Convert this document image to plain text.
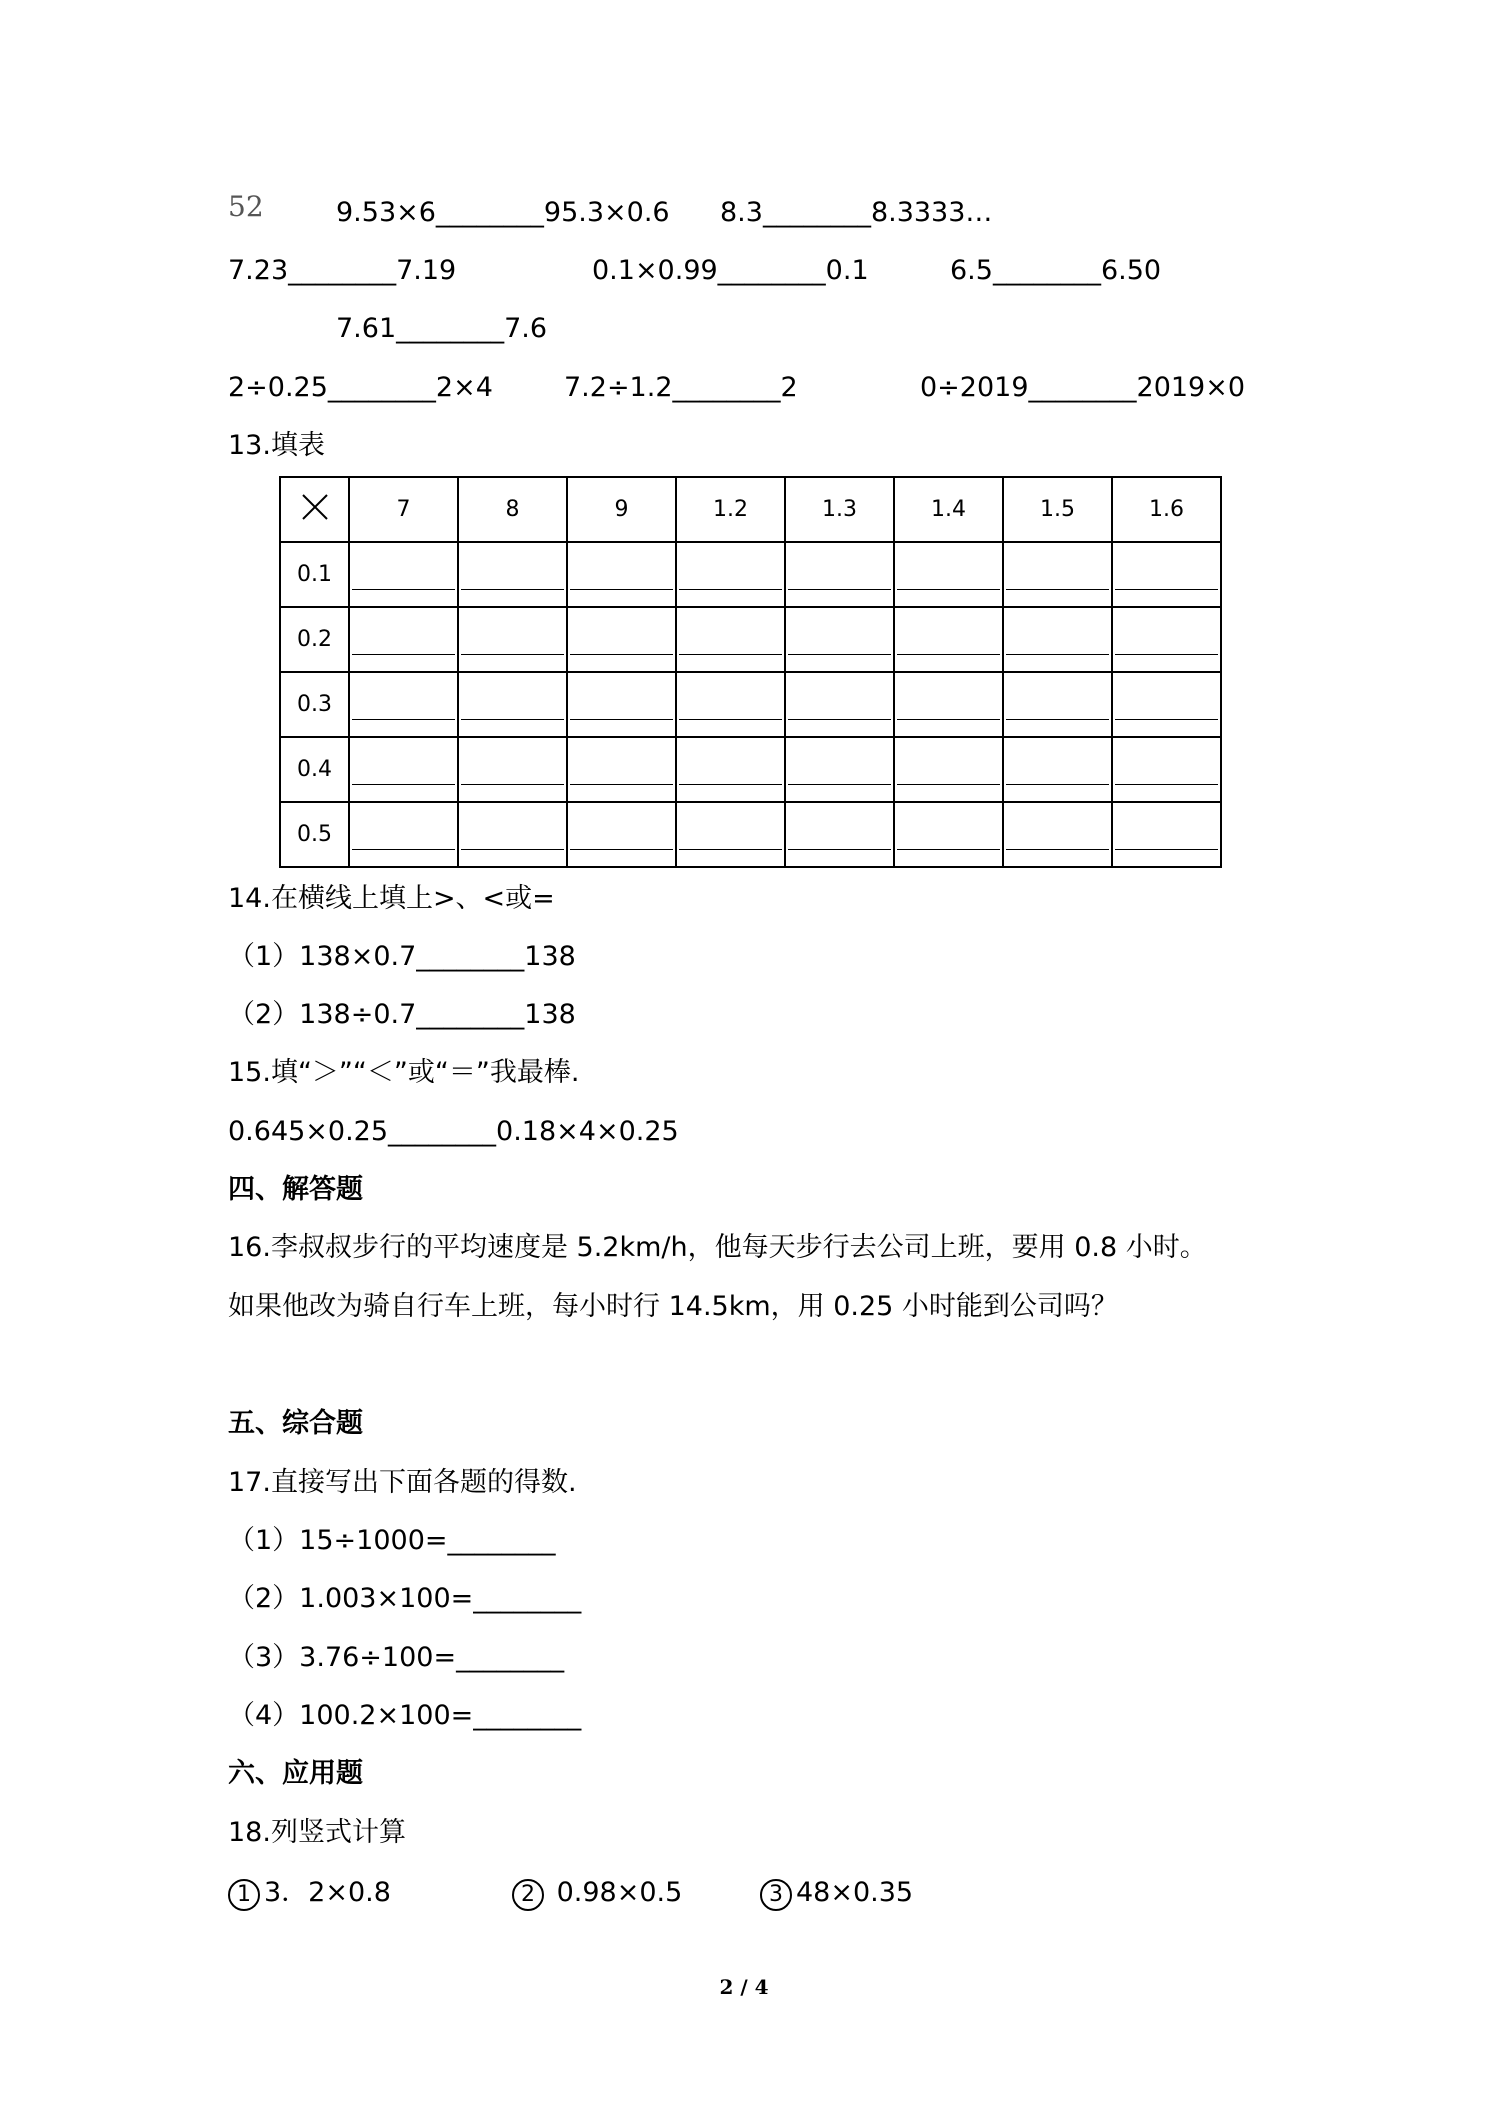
52	9.53×6________95.3×0.6 8.3________8.3333…
7.23________7.19	0.1×0.99________0.1	6.5________6.50
7.61________7.6
2÷0.25________2×4	7.2÷1.2________2	0÷2019________2019×0
13.填表
	7	8	9	1.2	1.3	1.4	1.5	1.6
0.1	

0.2	

0.3	

0.4	

0.5	

14.在横线上填上>、<或=
（1）138×0.7________138
（2）138÷0.7________138
15.填“＞”“＜”或“＝”我最棒.
0.645×0.25________0.18×4×0.25
四、解答题
16.李叔叔步行的平均速度是 5.2km/h，他每天步行去公司上班，要用 0.8 小时。
如果他改为骑自行车上班，每小时行 14.5km，用 0.25 小时能到公司吗？
五、综合题
17.直接写出下面各题的得数.
（1）15÷1000=________
（2）1.003×100=________
（3）3.76÷100=________
（4）100.2×100=________
六、应用题
18.列竖式计算
1 3．2×0.8	2 0.98×0.5	3 48×0.35
2 / 4
